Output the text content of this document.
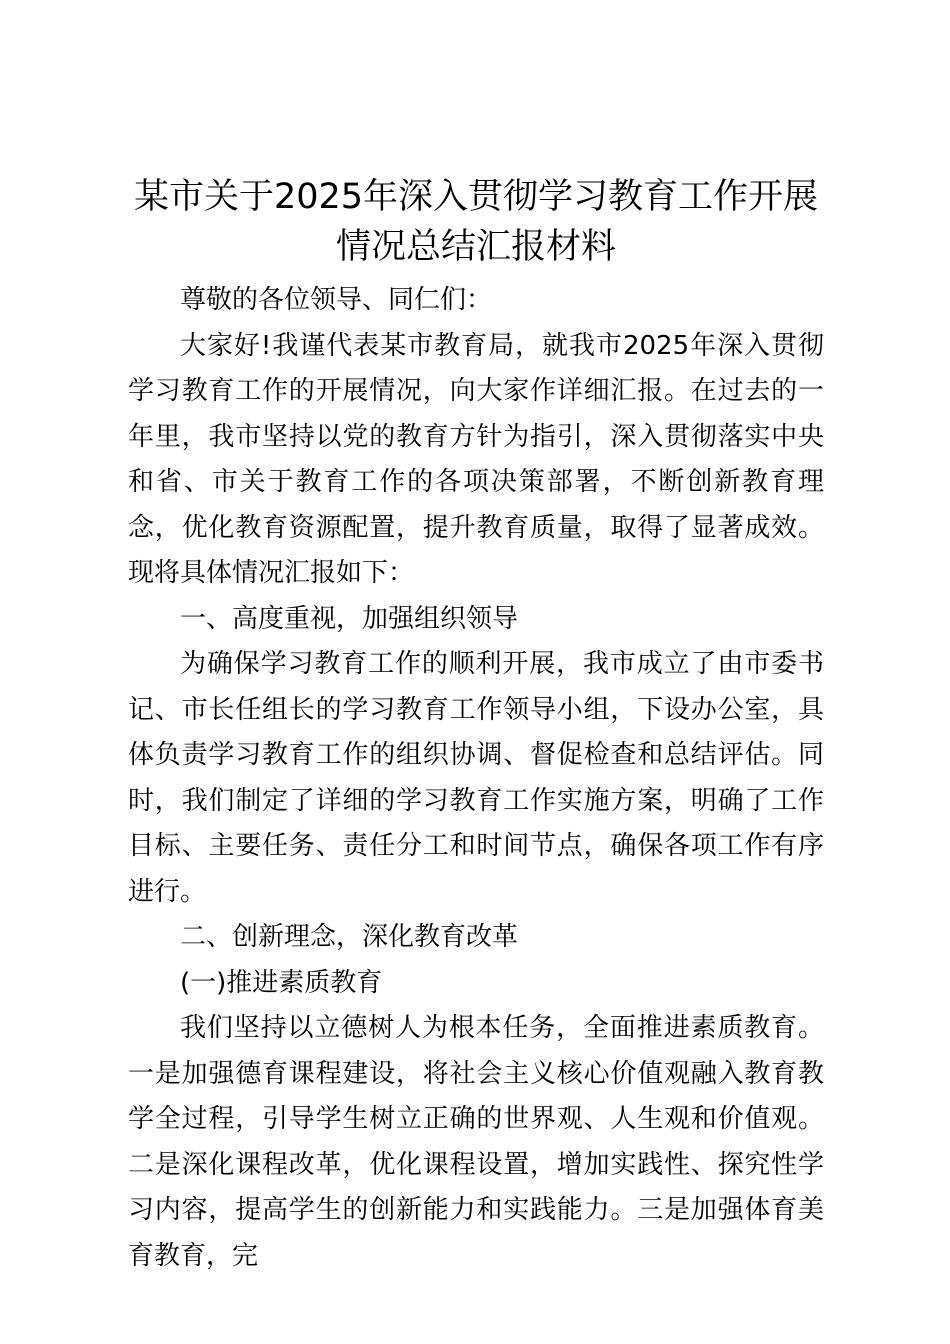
某市关于2025年深入贯彻学习教育工作开展
情况总结汇报材料

尊敬的各位领导、同仁们：

大家好!我谨代表某市教育局，就我市2025年深入贯彻学习教育工作的开展情况，向大家作详细汇报。在过去的一年里，我市坚持以党的教育方针为指引，深入贯彻落实中央和省、市关于教育工作的各项决策部署，不断创新教育理念，优化教育资源配置，提升教育质量，取得了显著成效。现将具体情况汇报如下：

一、高度重视，加强组织领导

为确保学习教育工作的顺利开展，我市成立了由市委书记、市长任组长的学习教育工作领导小组，下设办公室，具体负责学习教育工作的组织协调、督促检查和总结评估。同时，我们制定了详细的学习教育工作实施方案，明确了工作目标、主要任务、责任分工和时间节点，确保各项工作有序进行。

二、创新理念，深化教育改革

(一)推进素质教育

我们坚持以立德树人为根本任务，全面推进素质教育。一是加强德育课程建设，将社会主义核心价值观融入教育教学全过程，引导学生树立正确的世界观、人生观和价值观。二是深化课程改革，优化课程设置，增加实践性、探究性学习内容，提高学生的创新能力和实践能力。三是加强体育美育教育，完
